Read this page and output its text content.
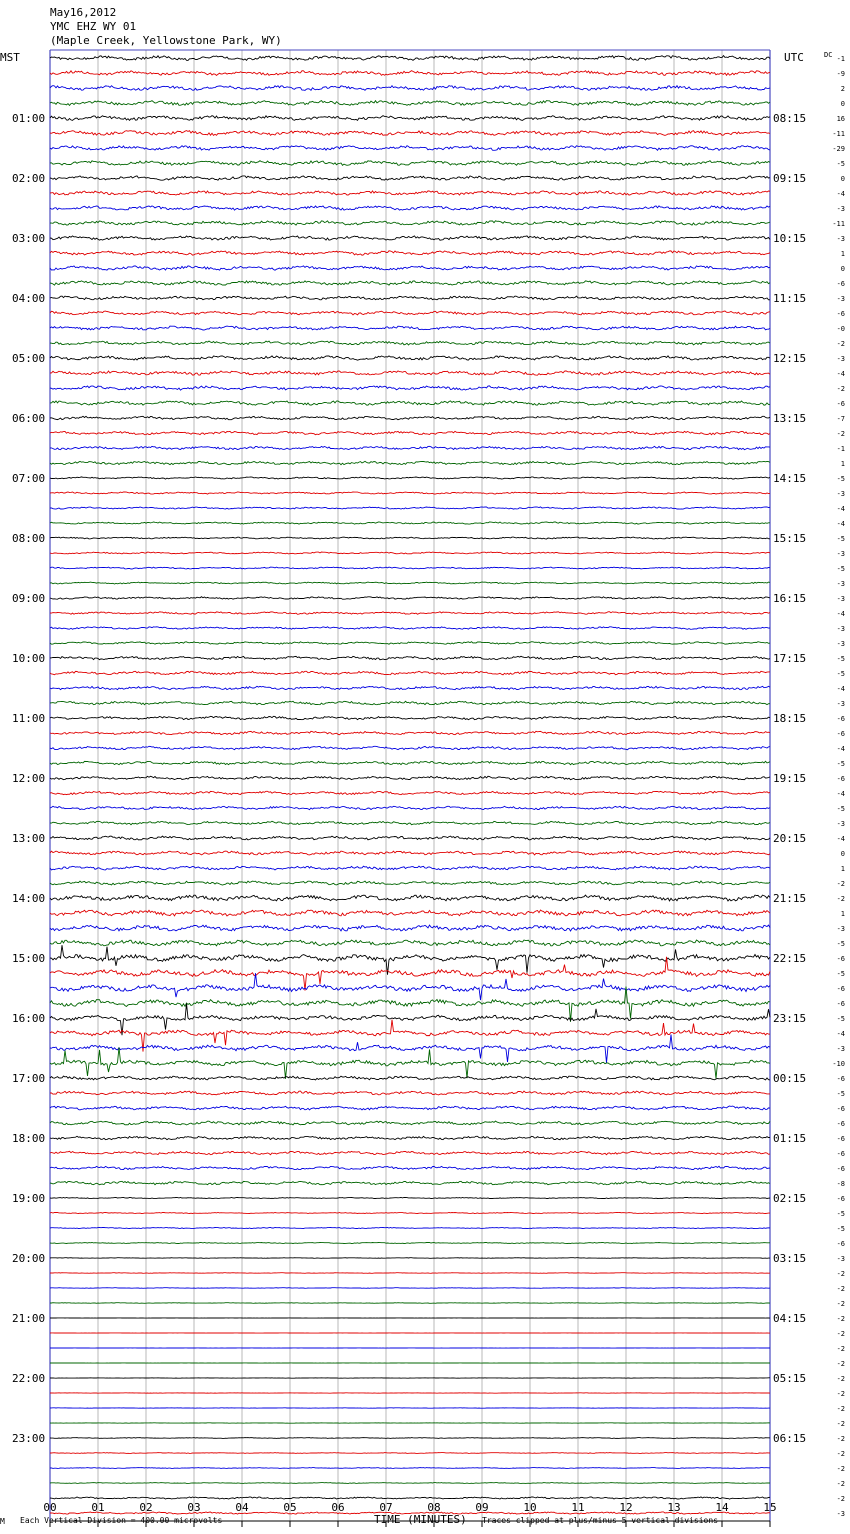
May16,2012
YMC EHZ WY 01
(Maple Creek, Yellowstone Park, WY)
MST	UTC	DC
01:00
02:00
03:00
04:00
05:00
06:00
07:00
08:00
09:00
10:00
11:00
12:00
13:00
14:00
15:00
16:00
17:00
18:00
19:00
20:00
21:00
22:00
23:00
08:15
09:15
10:15
11:15
12:15
13:15
14:15
15:15
16:15
17:15
18:15
19:15
20:15
21:15
22:15
23:15
00:15
01:15
02:15
03:15
04:15
05:15
06:15
-1
-9
2
0
16
-11
-29
-5
0
-4
-3
-11
-3
1
0
-6
-3
-6
-0
-2
-3
-4
-2
-6
-7
-2
-1
1
-5
-3
-4
-4
-5
-3
-5
-3
-3
-4
-3
-3
-5
-5
-4
-3
-6
-6
-4
-5
-6
-4
-5
-3
-4
0
1
-2
-2
1
-3
-5
-6
-5
-6
-6
-5
-4
-3
-10
-6
-5
-6
-6
-6
-6
-6
-8
-6
-5
-5
-6
-3
-2
-2
-2
-2
-2
-2
-2
-2
-2
-2
-2
-2
-2
-2
-2
-2
-3
00	01	02	03	04	05	06	07	08	09	10	11	12	13	14	15
M Each Vertical Division = 400.00 microvolts	TIME (MINUTES) Traces clipped at plus/minus 5 vertical divisions
